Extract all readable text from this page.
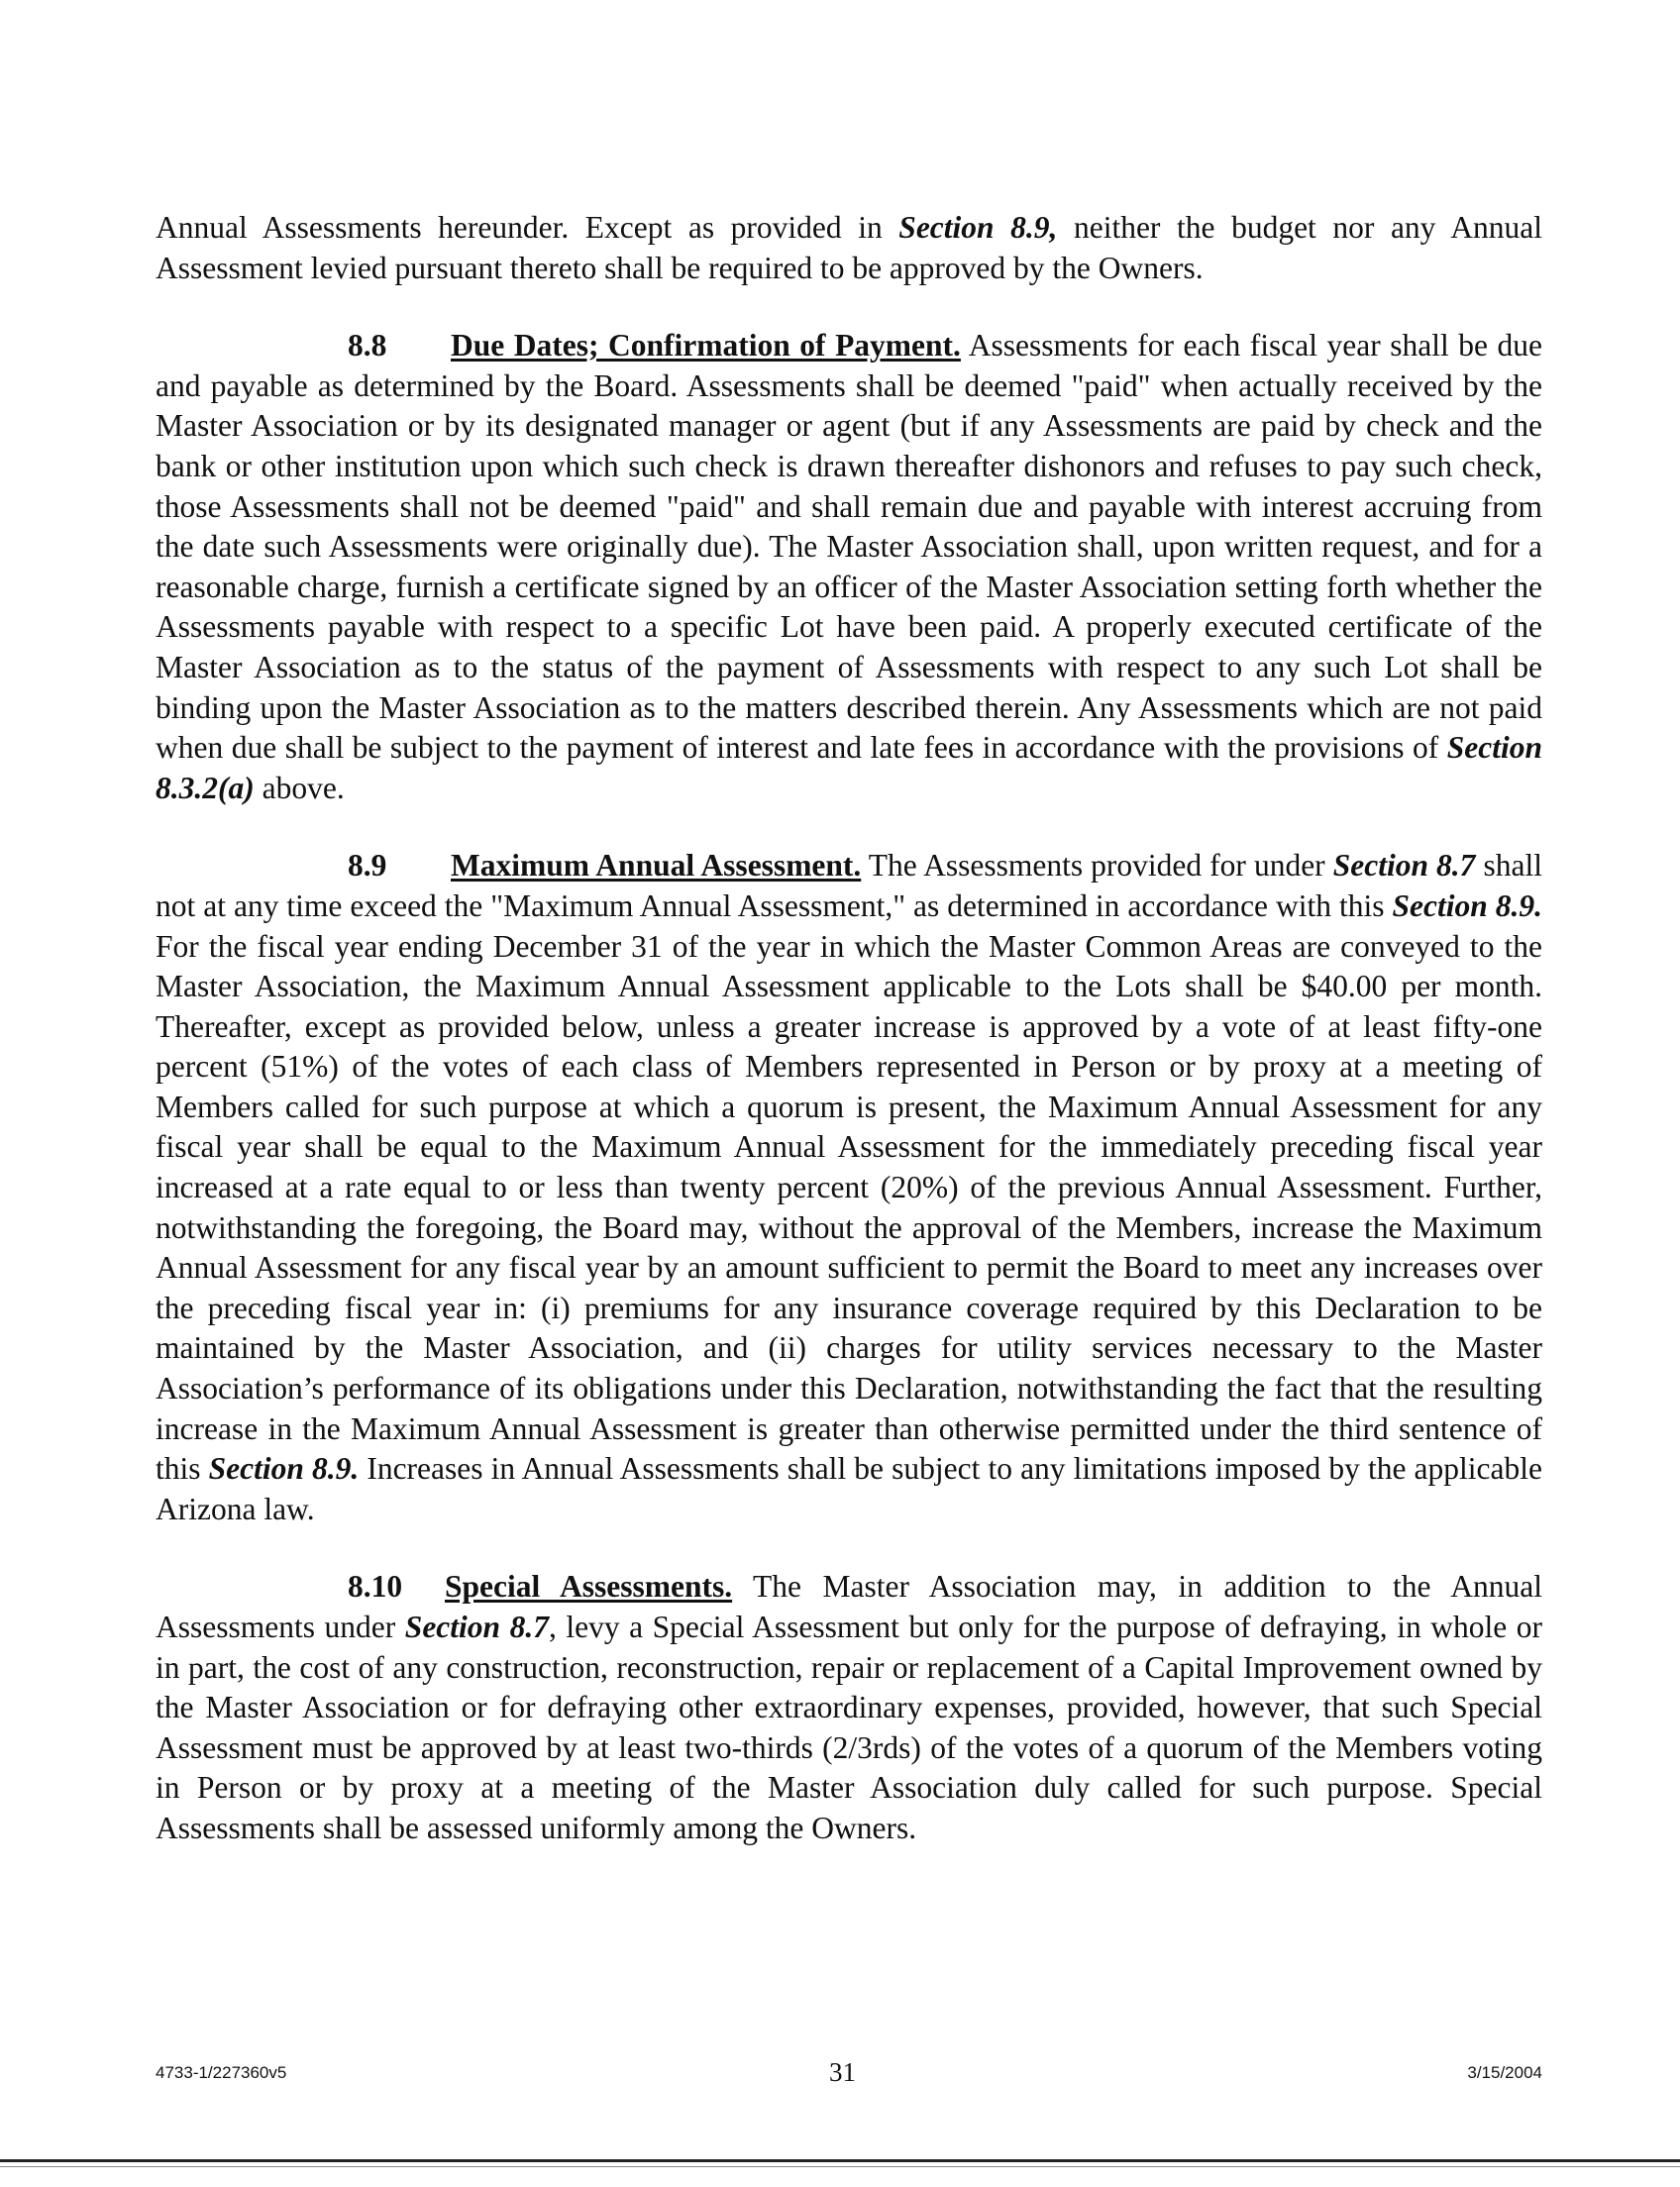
Annual Assessments hereunder. Except as provided in Section 8.9, neither the budget nor any Annual Assessment levied pursuant thereto shall be required to be approved by the Owners.

8.8 Due Dates; Confirmation of Payment. Assessments for each fiscal year shall be due and payable as determined by the Board. Assessments shall be deemed "paid" when actually received by the Master Association or by its designated manager or agent (but if any Assessments are paid by check and the bank or other institution upon which such check is drawn thereafter dishonors and refuses to pay such check, those Assessments shall not be deemed "paid" and shall remain due and payable with interest accruing from the date such Assessments were originally due). The Master Association shall, upon written request, and for a reasonable charge, furnish a certificate signed by an officer of the Master Association setting forth whether the Assessments payable with respect to a specific Lot have been paid. A properly executed certificate of the Master Association as to the status of the payment of Assessments with respect to any such Lot shall be binding upon the Master Association as to the matters described therein. Any Assessments which are not paid when due shall be subject to the payment of interest and late fees in accordance with the provisions of Section 8.3.2(a) above.

8.9 Maximum Annual Assessment. The Assessments provided for under Section 8.7 shall not at any time exceed the "Maximum Annual Assessment," as determined in accordance with this Section 8.9. For the fiscal year ending December 31 of the year in which the Master Common Areas are conveyed to the Master Association, the Maximum Annual Assessment applicable to the Lots shall be $40.00 per month. Thereafter, except as provided below, unless a greater increase is approved by a vote of at least fifty-one percent (51%) of the votes of each class of Members represented in Person or by proxy at a meeting of Members called for such purpose at which a quorum is present, the Maximum Annual Assessment for any fiscal year shall be equal to the Maximum Annual Assessment for the immediately preceding fiscal year increased at a rate equal to or less than twenty percent (20%) of the previous Annual Assessment. Further, notwithstanding the foregoing, the Board may, without the approval of the Members, increase the Maximum Annual Assessment for any fiscal year by an amount sufficient to permit the Board to meet any increases over the preceding fiscal year in: (i) premiums for any insurance coverage required by this Declaration to be maintained by the Master Association, and (ii) charges for utility services necessary to the Master Association’s performance of its obligations under this Declaration, notwithstanding the fact that the resulting increase in the Maximum Annual Assessment is greater than otherwise permitted under the third sentence of this Section 8.9. Increases in Annual Assessments shall be subject to any limitations imposed by the applicable Arizona law.

8.10 Special Assessments. The Master Association may, in addition to the Annual Assessments under Section 8.7, levy a Special Assessment but only for the purpose of defraying, in whole or in part, the cost of any construction, reconstruction, repair or replacement of a Capital Improvement owned by the Master Association or for defraying other extraordinary expenses, provided, however, that such Special Assessment must be approved by at least two-thirds (2/3rds) of the votes of a quorum of the Members voting in Person or by proxy at a meeting of the Master Association duly called for such purpose. Special Assessments shall be assessed uniformly among the Owners.

4733-1/227360v5	31	3/15/2004
